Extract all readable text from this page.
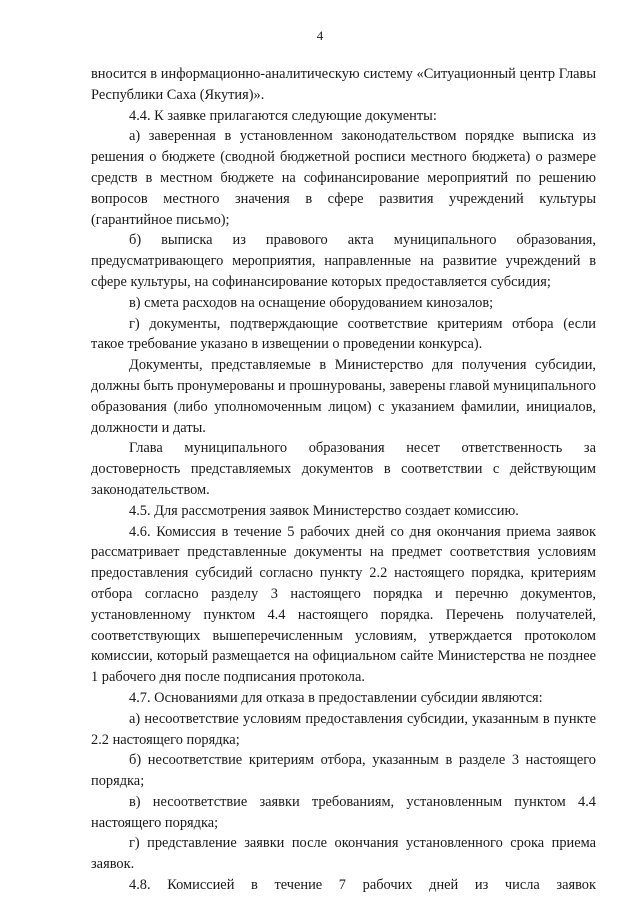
4

вносится в информационно-аналитическую систему «Ситуационный центр Главы Республики Саха (Якутия)».

4.4. К заявке прилагаются следующие документы:

а) заверенная в установленном законодательством порядке выписка из решения о бюджете (сводной бюджетной росписи местного бюджета) о размере средств в местном бюджете на софинансирование мероприятий по решению вопросов местного значения в сфере развития учреждений культуры (гарантийное письмо);

б) выписка из правового акта муниципального образования, предусматривающего мероприятия, направленные на развитие учреждений в сфере культуры, на софинансирование которых предоставляется субсидия;

в) смета расходов на оснащение оборудованием кинозалов;

г) документы, подтверждающие соответствие критериям отбора (если такое требование указано в извещении о проведении конкурса).

Документы, представляемые в Министерство для получения субсидии, должны быть пронумерованы и прошнурованы, заверены главой муниципального образования (либо уполномоченным лицом) с указанием фамилии, инициалов, должности и даты.

Глава муниципального образования несет ответственность за достоверность представляемых документов в соответствии с действующим законодательством.

4.5. Для рассмотрения заявок Министерство создает комиссию.

4.6. Комиссия в течение 5 рабочих дней со дня окончания приема заявок рассматривает представленные документы на предмет соответствия условиям предоставления субсидий согласно пункту 2.2 настоящего порядка, критериям отбора согласно разделу 3 настоящего порядка и перечню документов, установленному пунктом 4.4 настоящего порядка. Перечень получателей, соответствующих вышеперечисленным условиям, утверждается протоколом комиссии, который размещается на официальном сайте Министерства не позднее 1 рабочего дня после подписания протокола.

4.7. Основаниями для отказа в предоставлении субсидии являются:

а) несоответствие условиям предоставления субсидии, указанным в пункте 2.2 настоящего порядка;

б) несоответствие критериям отбора, указанным в разделе 3 настоящего порядка;

в) несоответствие заявки требованиям, установленным пунктом 4.4 настоящего порядка;

г) представление заявки после окончания установленного срока приема заявок.

4.8. Комиссией в течение 7 рабочих дней из числа заявок
